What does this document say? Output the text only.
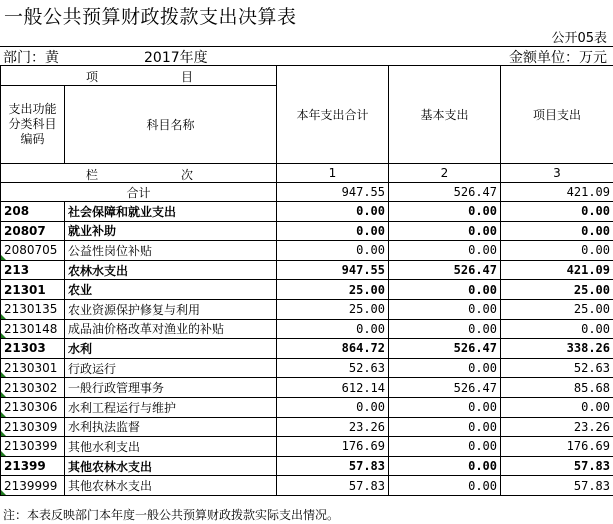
一般公共预算财政拨款支出决算表
公开05表
部门：黄	2017年度	金额单位：万元
项 目		本年支出合计	基本支出	项目支出
支出功能分类科目编码	科目名称			

栏 次		1	2	3
合计		947.55	526.47	421.09
208	社会保障和就业支出	0.00	0.00	0.00
20807	就业补助	0.00	0.00	0.00
2080705	公益性岗位补贴	0.00	0.00	0.00
213	农林水支出	947.55	526.47	421.09
21301	农业	25.00	0.00	25.00
2130135	农业资源保护修复与利用	25.00	0.00	25.00
2130148	成品油价格改革对渔业的补贴	0.00	0.00	0.00
21303	水利	864.72	526.47	338.26
2130301	行政运行	52.63	0.00	52.63
2130302	一般行政管理事务	612.14	526.47	85.68
2130306	水利工程运行与维护	0.00	0.00	0.00
2130309	水利执法监督	23.26	0.00	23.26
2130399	其他水利支出	176.69	0.00	176.69
21399	其他农林水支出	57.83	0.00	57.83
2139999	其他农林水支出	57.83	0.00	57.83
注：本表反映部门本年度一般公共预算财政拨款实际支出情况。
